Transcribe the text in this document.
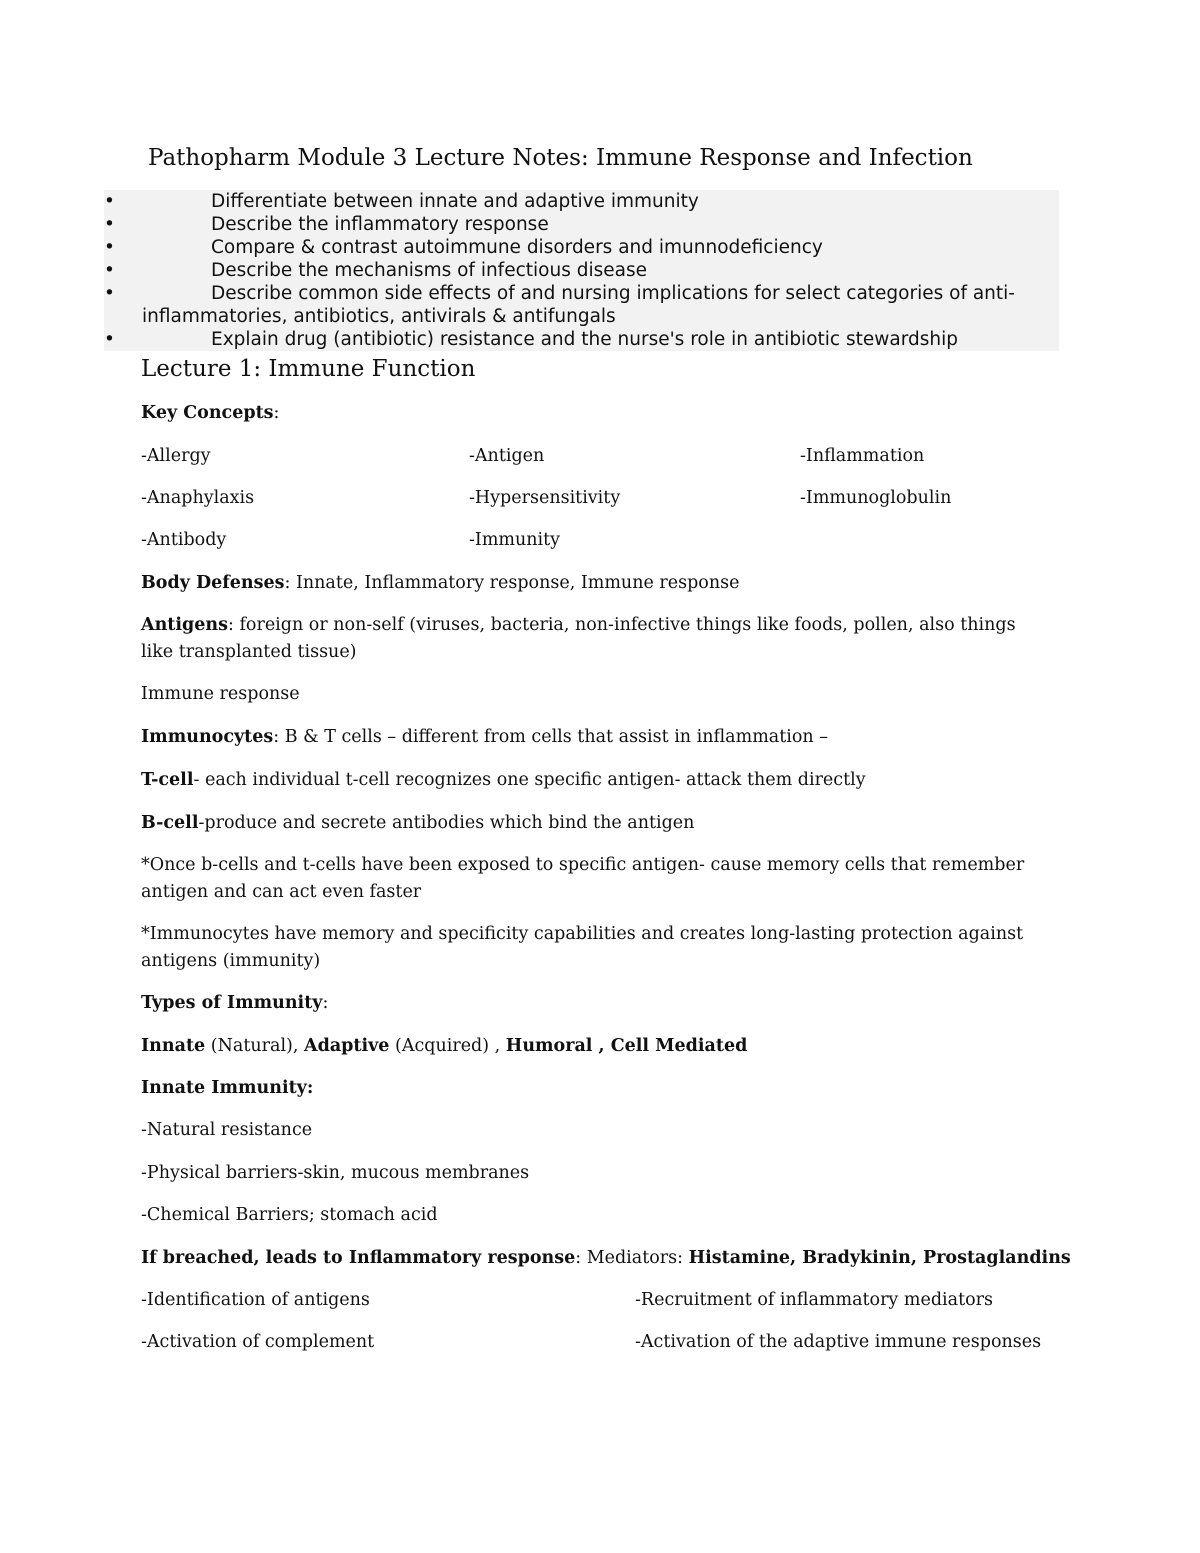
Pathopharm Module 3 Lecture Notes: Immune Response and Infection
•	Differentiate between innate and adaptive immunity
•	Describe the inflammatory response
•	Compare & contrast autoimmune disorders and imunnodeficiency
•	Describe the mechanisms of infectious disease
•	Describe common side effects of and nursing implications for select categories of anti-inflammatories, antibiotics, antivirals & antifungals
•	Explain drug (antibiotic) resistance and the nurse's role in antibiotic stewardship
Lecture 1: Immune Function
Key Concepts:
-Allergy	-Antigen	-Inflammation
-Anaphylaxis	-Hypersensitivity	-Immunoglobulin
-Antibody	-Immunity
Body Defenses: Innate, Inflammatory response, Immune response
Antigens: foreign or non-self (viruses, bacteria, non-infective things like foods, pollen, also things like transplanted tissue)
Immune response
Immunocytes: B & T cells – different from cells that assist in inflammation –
T-cell- each individual t-cell recognizes one specific antigen- attack them directly
B-cell-produce and secrete antibodies which bind the antigen
*Once b-cells and t-cells have been exposed to specific antigen- cause memory cells that remember antigen and can act even faster
*Immunocytes have memory and specificity capabilities and creates long-lasting protection against antigens (immunity)
Types of Immunity:
Innate (Natural), Adaptive (Acquired) , Humoral , Cell Mediated
Innate Immunity:
-Natural resistance
-Physical barriers-skin, mucous membranes
-Chemical Barriers; stomach acid
If breached, leads to Inflammatory response: Mediators: Histamine, Bradykinin, Prostaglandins
-Identification of antigens	-Recruitment of inflammatory mediators
-Activation of complement	-Activation of the adaptive immune responses
